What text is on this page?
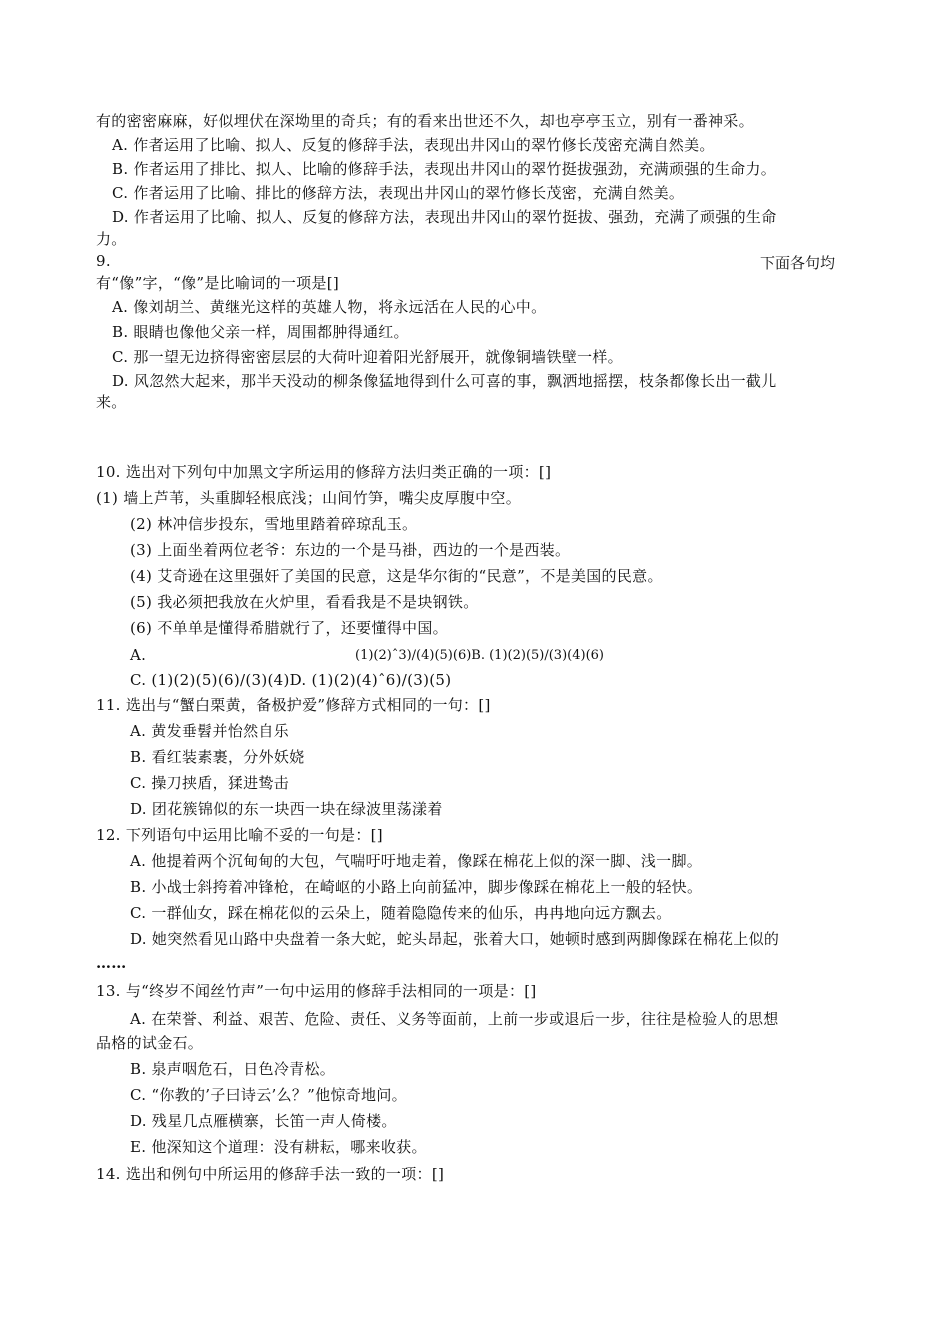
有的密密麻麻，好似埋伏在深坳里的奇兵；有的看来出世还不久，却也亭亭玉立，别有一番神采。
A. 作者运用了比喻、拟人、反复的修辞手法，表现出井冈山的翠竹修长茂密充满自然美。
B. 作者运用了排比、拟人、比喻的修辞手法，表现出井冈山的翠竹挺拔强劲，充满顽强的生命力。
C. 作者运用了比喻、排比的修辞方法，表现出井冈山的翠竹修长茂密，充满自然美。
D. 作者运用了比喻、拟人、反复的修辞方法，表现出井冈山的翠竹挺拔、强劲，充满了顽强的生命
力。
9.	下面各句均
有“像”字，“像”是比喻词的一项是[]
A. 像刘胡兰、黄继光这样的英雄人物，将永远活在人民的心中。
B. 眼睛也像他父亲一样，周围都肿得通红。
C. 那一望无边挤得密密层层的大荷叶迎着阳光舒展开，就像铜墙铁壁一样。
D. 风忽然大起来，那半天没动的柳条像猛地得到什么可喜的事，飘洒地摇摆，枝条都像长出一截儿
来。
10. 选出对下列句中加黑文字所运用的修辞方法归类正确的一项：[]
(1) 墙上芦苇，头重脚轻根底浅；山间竹笋，嘴尖皮厚腹中空。
(2) 林冲信步投东，雪地里踏着碎琼乱玉。
(3) 上面坐着两位老爷：东边的一个是马褂，西边的一个是西装。
(4) 艾奇逊在这里强奸了美国的民意，这是华尔街的“民意”，不是美国的民意。
(5) 我必须把我放在火炉里，看看我是不是块钢铁。
(6) 不单单是懂得希腊就行了，还要懂得中国。
A.	(1)(2)ˆ3)/(4)(5)(6)B. (1)(2)(5)/(3)(4)(6)
C. (1)(2)(5)(6)/(3)(4)D. (1)(2)(4)ˆ6)/(3)(5)
11. 选出与“蟹白栗黄，备极护爱”修辞方式相同的一句：[]
A. 黄发垂髫并怡然自乐
B. 看红装素裹，分外妖娆
C. 操刀挟盾，猱进鸷击
D. 团花簇锦似的东一块西一块在绿波里荡漾着
12. 下列语句中运用比喻不妥的一句是：[]
A. 他提着两个沉甸甸的大包，气喘吁吁地走着，像踩在棉花上似的深一脚、浅一脚。
B. 小战士斜挎着冲锋枪，在崎岖的小路上向前猛冲，脚步像踩在棉花上一般的轻快。
C. 一群仙女，踩在棉花似的云朵上，随着隐隐传来的仙乐，冉冉地向远方飘去。
D. 她突然看见山路中央盘着一条大蛇，蛇头昂起，张着大口，她顿时感到两脚像踩在棉花上似的
……
13. 与“终岁不闻丝竹声”一句中运用的修辞手法相同的一项是：[]
A. 在荣誉、利益、艰苦、危险、责任、义务等面前，上前一步或退后一步，往往是检验人的思想
品格的试金石。
B. 泉声咽危石，日色冷青松。
C. “你教的’子曰诗云’么？”他惊奇地问。
D. 残星几点雁横寨，长笛一声人倚楼。
E. 他深知这个道理：没有耕耘，哪来收获。
14. 选出和例句中所运用的修辞手法一致的一项：[]
